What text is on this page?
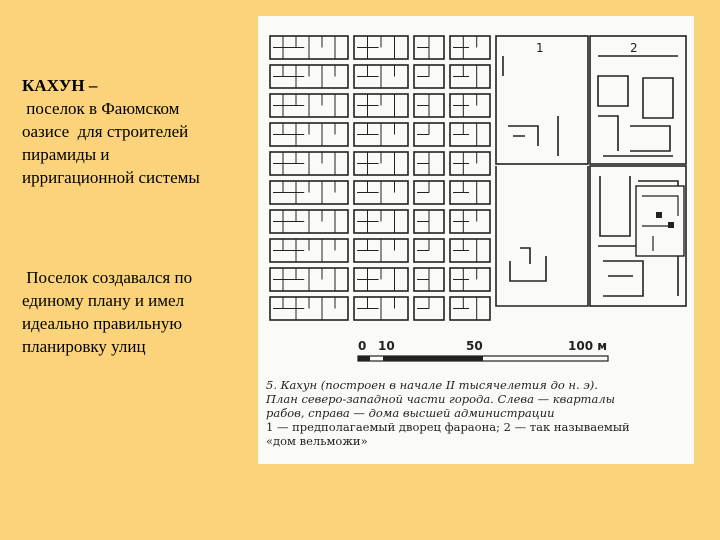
КАХУН –
поселок в Фаюмском
оазисе  для строителей
пирамиды и
ирригационной системы
Поселок создавался по
единому плану и имел
идеально правильную
планировку улиц
1	2
0 10	50	100 м
5. Кахун (построен в начале II тысячелетия до н. э).
План северо-западной части города. Слева — кварталы
рабов, справа — дома высшей администрации
1 — предполагаемый дворец фараона; 2 — так называемый
«дом вельможи»
